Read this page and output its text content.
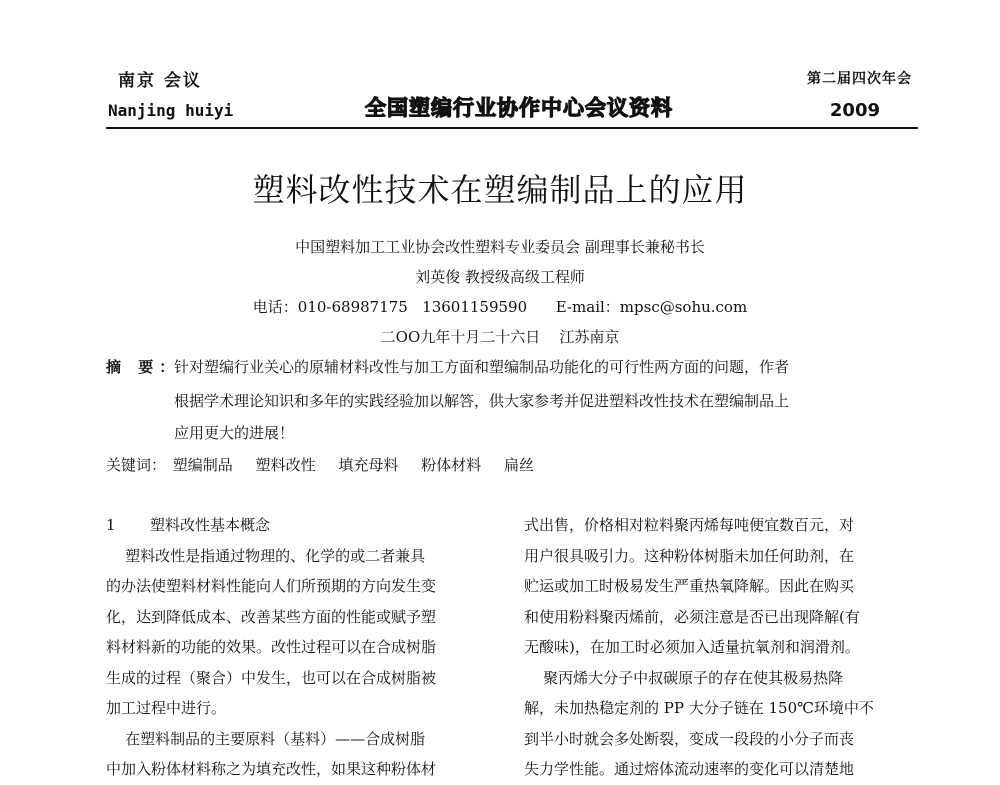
南京 会议
Nanjing huiyi	全国塑编行业协作中心会议资料
第二届四次年会
2009
塑料改性技术在塑编制品上的应用
中国塑料加工工业协会改性塑料专业委员会 副理事长兼秘书长
刘英俊 教授级高级工程师
电话：010-68987175   13601159590      E-mail：mpsc@sohu.com
二OO九年十月二十六日    江苏南京
摘 要：
针对塑编行业关心的原辅材料改性与加工方面和塑编制品功能化的可行性两方面的问题，作者
根据学术理论知识和多年的实践经验加以解答，供大家参考并促进塑料改性技术在塑编制品上
应用更大的进展！
关键词： 塑编制品 塑料改性 填充母料 粉体材料 扁丝
1 塑料改性基本概念
塑料改性是指通过物理的、化学的或二者兼具
的办法使塑料材料性能向人们所预期的方向发生变
化，达到降低成本、改善某些方面的性能或赋予塑
料材料新的功能的效果。改性过程可以在合成树脂
生成的过程（聚合）中发生，也可以在合成树脂被
加工过程中进行。
在塑料制品的主要原料（基料）——合成树脂
中加入粉体材料称之为填充改性，如果这种粉体材
式出售，价格相对粒料聚丙烯每吨便宜数百元，对
用户很具吸引力。这种粉体树脂未加任何助剂，在
贮运或加工时极易发生严重热氧降解。因此在购买
和使用粉料聚丙烯前，必须注意是否已出现降解(有
无酸味)，在加工时必须加入适量抗氧剂和润滑剂。
聚丙烯大分子中叔碳原子的存在使其极易热降
解，未加热稳定剂的 PP 大分子链在 150℃环境中不
到半小时就会多处断裂，变成一段段的小分子而丧
失力学性能。通过熔体流动速率的变化可以清楚地
